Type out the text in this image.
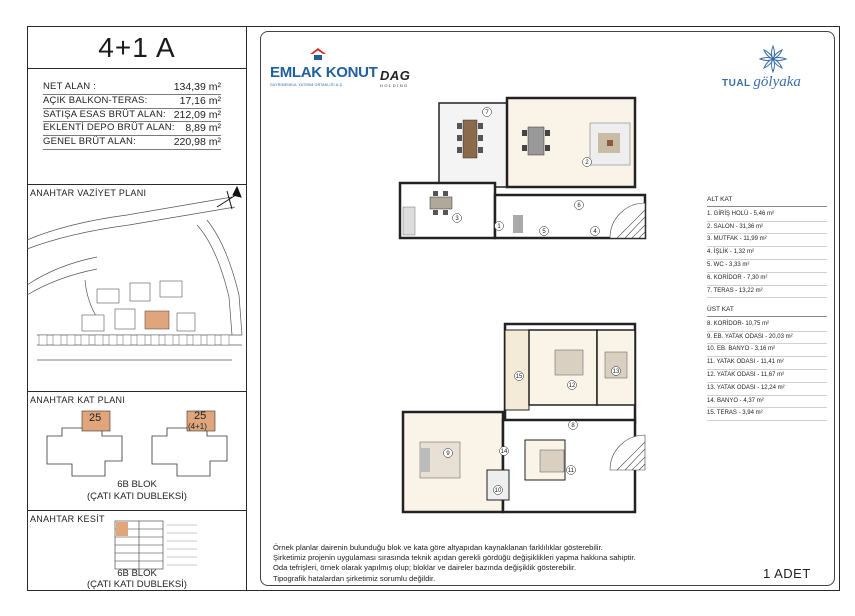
4+1 A
NET ALAN :	134,39 m²
AÇIK BALKON-TERAS:	17,16 m²
SATIŞA ESAS BRÜT ALAN: 212,09 m²
EKLENTİ DEPO BRÜT ALAN: 8,89 m²
GENEL BRÜT ALAN:	220,98 m²
ANAHTAR VAZİYET PLANI
ANAHTAR KAT PLANI
25	25
(4+1)
6B BLOK
(ÇATI KATI DUBLEKSİ)
ANAHTAR KESİT
6B BLOK
(ÇATI KATI DUBLEKSİ)
EMLAK KONUT
GAYRİMENKUL YATIRIM ORTAKLIĞI A.Ş.
DAG
HOLDING	TUAL gölyaka
7
2
3
1
5
6
4
15
12
13
8
9	14
11
10
ALT KAT
1. GİRİŞ HOLÜ - 5,46 m²
2. SALON - 31,36 m²
3. MUTFAK - 11,99 m²
4. İŞLİK - 1,32 m²
5. WC - 3,33 m²
6. KORİDOR - 7,30 m²
7. TERAS - 13,22 m²
ÜST KAT
8. KORİDOR- 10,75 m²
9. EB. YATAK ODASI - 20,03 m²
10. EB. BANYO - 3,16 m²
11. YATAK ODASI - 11,41 m²
12. YATAK ODASI - 11,67 m²
13. YATAK ODASI - 12,24 m²
14. BANYO - 4,37 m²
15. TERAS - 3,94 m²
Örnek planlar dairenin bulunduğu blok ve kata göre altyapıdan kaynaklanan farklılıklar gösterebilir.
Şirketimiz projenin uygulaması sırasında teknik açıdan gerekli gördüğü değişiklikleri yapma hakkına sahiptir.
Oda tefrişleri, örnek olarak yapılmış olup; bloklar ve daireler bazında değişiklik gösterebilir.
Tipografik hatalardan şirketimiz sorumlu değildir.	1 ADET
